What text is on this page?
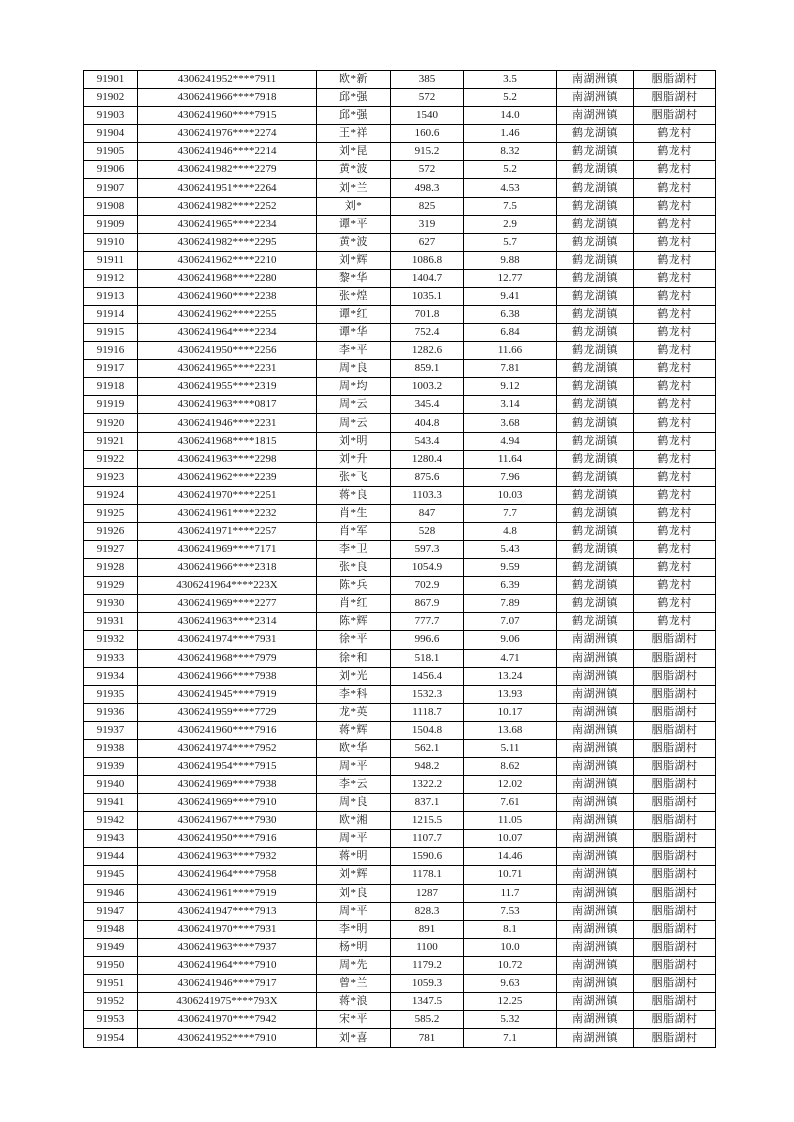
91901	4306241952****7911	欧*新	385	3.5	南湖洲镇	胭脂湖村
91902	4306241966****7918	邱*强	572	5.2	南湖洲镇	胭脂湖村
91903	4306241960****7915	邱*强	1540	14.0	南湖洲镇	胭脂湖村
91904	4306241976****2274	王*祥	160.6	1.46	鹤龙湖镇	鹤龙村
91905	4306241946****2214	刘*昆	915.2	8.32	鹤龙湖镇	鹤龙村
91906	4306241982****2279	黄*波	572	5.2	鹤龙湖镇	鹤龙村
91907	4306241951****2264	刘*兰	498.3	4.53	鹤龙湖镇	鹤龙村
91908	4306241982****2252	刘*	825	7.5	鹤龙湖镇	鹤龙村
91909	4306241965****2234	谭*平	319	2.9	鹤龙湖镇	鹤龙村
91910	4306241982****2295	黄*波	627	5.7	鹤龙湖镇	鹤龙村
91911	4306241962****2210	刘*辉	1086.8	9.88	鹤龙湖镇	鹤龙村
91912	4306241968****2280	黎*华	1404.7	12.77	鹤龙湖镇	鹤龙村
91913	4306241960****2238	张*煌	1035.1	9.41	鹤龙湖镇	鹤龙村
91914	4306241962****2255	谭*红	701.8	6.38	鹤龙湖镇	鹤龙村
91915	4306241964****2234	谭*华	752.4	6.84	鹤龙湖镇	鹤龙村
91916	4306241950****2256	李*平	1282.6	11.66	鹤龙湖镇	鹤龙村
91917	4306241965****2231	周*良	859.1	7.81	鹤龙湖镇	鹤龙村
91918	4306241955****2319	周*均	1003.2	9.12	鹤龙湖镇	鹤龙村
91919	4306241963****0817	周*云	345.4	3.14	鹤龙湖镇	鹤龙村
91920	4306241946****2231	周*云	404.8	3.68	鹤龙湖镇	鹤龙村
91921	4306241968****1815	刘*明	543.4	4.94	鹤龙湖镇	鹤龙村
91922	4306241963****2298	刘*升	1280.4	11.64	鹤龙湖镇	鹤龙村
91923	4306241962****2239	张*飞	875.6	7.96	鹤龙湖镇	鹤龙村
91924	4306241970****2251	蒋*良	1103.3	10.03	鹤龙湖镇	鹤龙村
91925	4306241961****2232	肖*生	847	7.7	鹤龙湖镇	鹤龙村
91926	4306241971****2257	肖*军	528	4.8	鹤龙湖镇	鹤龙村
91927	4306241969****7171	李*卫	597.3	5.43	鹤龙湖镇	鹤龙村
91928	4306241966****2318	张*良	1054.9	9.59	鹤龙湖镇	鹤龙村
91929	4306241964****223X	陈*兵	702.9	6.39	鹤龙湖镇	鹤龙村
91930	4306241969****2277	肖*红	867.9	7.89	鹤龙湖镇	鹤龙村
91931	4306241963****2314	陈*辉	777.7	7.07	鹤龙湖镇	鹤龙村
91932	4306241974****7931	徐*平	996.6	9.06	南湖洲镇	胭脂湖村
91933	4306241968****7979	徐*和	518.1	4.71	南湖洲镇	胭脂湖村
91934	4306241966****7938	刘*光	1456.4	13.24	南湖洲镇	胭脂湖村
91935	4306241945****7919	李*科	1532.3	13.93	南湖洲镇	胭脂湖村
91936	4306241959****7729	龙*英	1118.7	10.17	南湖洲镇	胭脂湖村
91937	4306241960****7916	蒋*辉	1504.8	13.68	南湖洲镇	胭脂湖村
91938	4306241974****7952	欧*华	562.1	5.11	南湖洲镇	胭脂湖村
91939	4306241954****7915	周*平	948.2	8.62	南湖洲镇	胭脂湖村
91940	4306241969****7938	李*云	1322.2	12.02	南湖洲镇	胭脂湖村
91941	4306241969****7910	周*良	837.1	7.61	南湖洲镇	胭脂湖村
91942	4306241967****7930	欧*湘	1215.5	11.05	南湖洲镇	胭脂湖村
91943	4306241950****7916	周*平	1107.7	10.07	南湖洲镇	胭脂湖村
91944	4306241963****7932	蒋*明	1590.6	14.46	南湖洲镇	胭脂湖村
91945	4306241964****7958	刘*辉	1178.1	10.71	南湖洲镇	胭脂湖村
91946	4306241961****7919	刘*良	1287	11.7	南湖洲镇	胭脂湖村
91947	4306241947****7913	周*平	828.3	7.53	南湖洲镇	胭脂湖村
91948	4306241970****7931	李*明	891	8.1	南湖洲镇	胭脂湖村
91949	4306241963****7937	杨*明	1100	10.0	南湖洲镇	胭脂湖村
91950	4306241964****7910	周*先	1179.2	10.72	南湖洲镇	胭脂湖村
91951	4306241946****7917	曾*兰	1059.3	9.63	南湖洲镇	胭脂湖村
91952	4306241975****793X	蒋*浪	1347.5	12.25	南湖洲镇	胭脂湖村
91953	4306241970****7942	宋*平	585.2	5.32	南湖洲镇	胭脂湖村
91954	4306241952****7910	刘*喜	781	7.1	南湖洲镇	胭脂湖村
